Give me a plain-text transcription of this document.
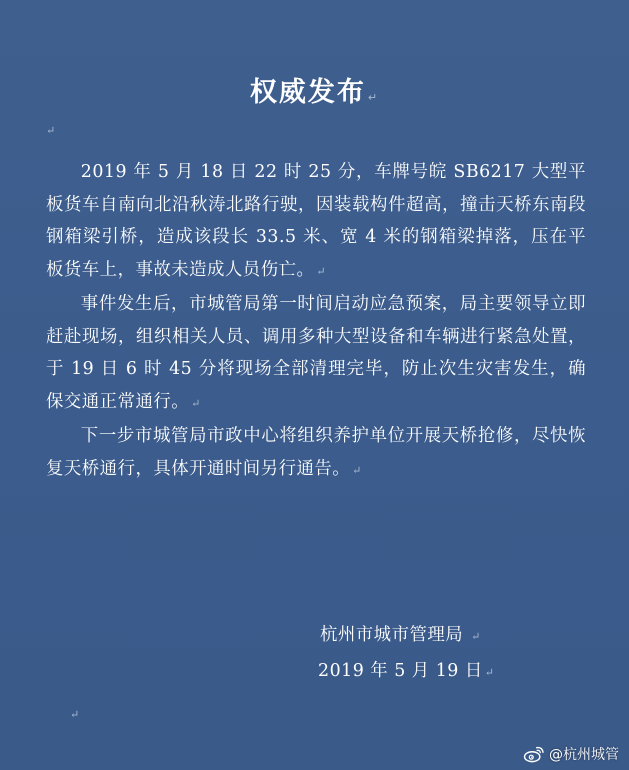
权威发布 ↵
↵

2019 年 5 月 18 日 22 时 25 分，车牌号皖 SB6217 大型平板货车自南向北沿秋涛北路行驶，因装载构件超高，撞击天桥东南段钢箱梁引桥，造成该段长 33.5 米、宽 4 米的钢箱梁掉落，压在平板货车上，事故未造成人员伤亡。 ↵

事件发生后，市城管局第一时间启动应急预案，局主要领导立即赶赴现场，组织相关人员、调用多种大型设备和车辆进行紧急处置，于 19 日 6 时 45 分将现场全部清理完毕，防止次生灾害发生，确保交通正常通行。 ↵

下一步市城管局市政中心将组织养护单位开展天桥抢修，尽快恢复天桥通行，具体开通时间另行通告。 ↵

杭州市城市管理局 ↵
2019 年 5 月 19 日 ↵
↵
@杭州城管
